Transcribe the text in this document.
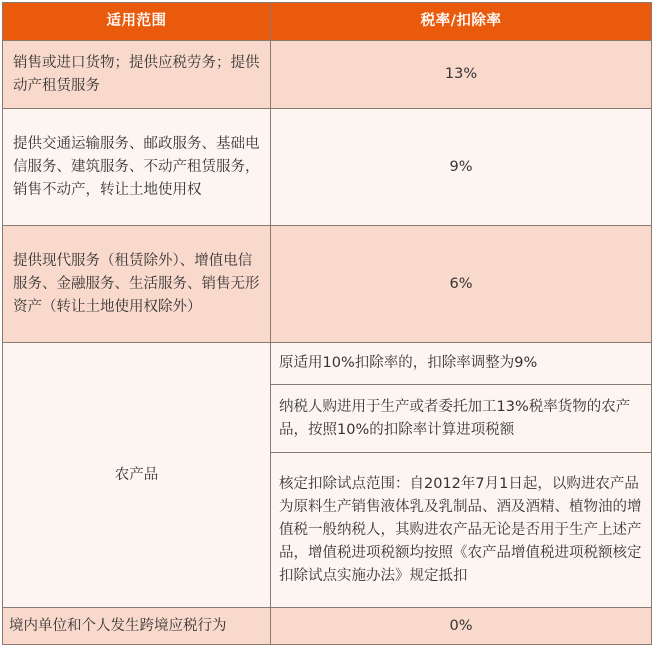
适用范围	税率/扣除率
销售或进口货物；提供应税劳务；提供动产租赁服务	13%
提供交通运输服务、邮政服务、基础电信服务、建筑服务、不动产租赁服务，销售不动产，转让土地使用权	9%
提供现代服务（租赁除外）、增值电信服务、金融服务、生活服务、销售无形资产（转让土地使用权除外）	6%
农产品	原适用10%扣除率的，扣除率调整为9%
	纳税人购进用于生产或者委托加工13%税率货物的农产品，按照10%的扣除率计算进项税额
	核定扣除试点范围：自2012年7月1日起，以购进农产品为原料生产销售液体乳及乳制品、酒及酒精、植物油的增值税一般纳税人，其购进农产品无论是否用于生产上述产品，增值税进项税额均按照《农产品增值税进项税额核定扣除试点实施办法》规定抵扣
境内单位和个人发生跨境应税行为	0%
